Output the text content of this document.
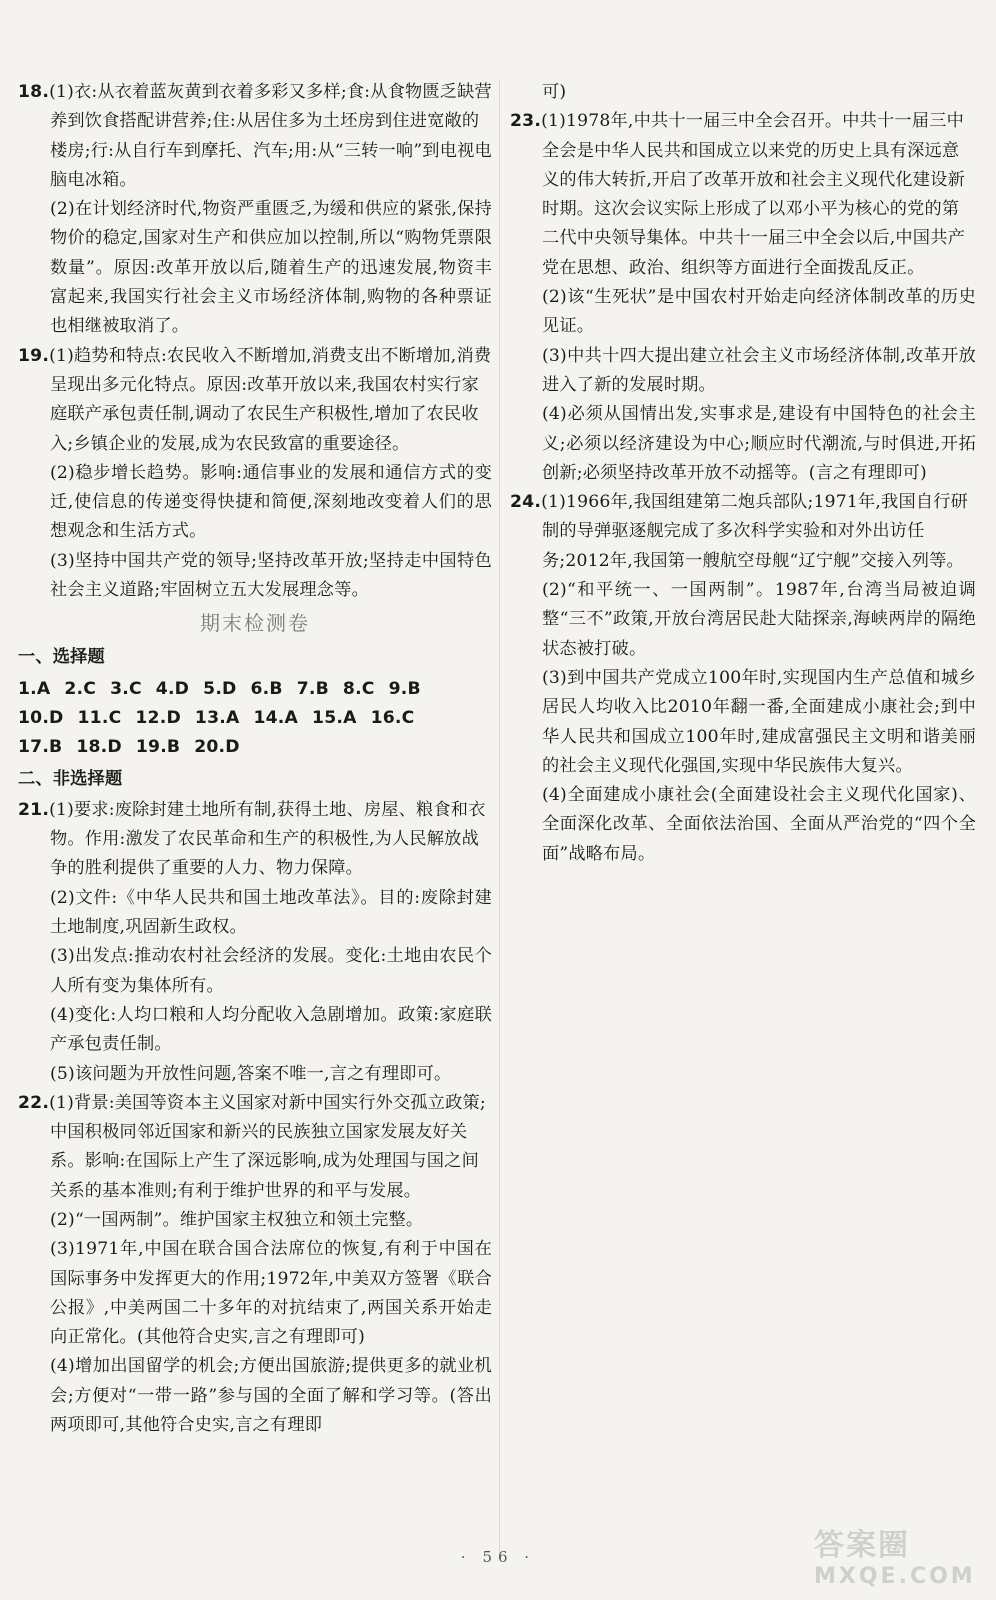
18.(1)衣:从衣着蓝灰黄到衣着多彩又多样;食:从食物匮乏缺营养到饮食搭配讲营养;住:从居住多为土坯房到住进宽敞的楼房;行:从自行车到摩托、汽车;用:从“三转一响”到电视电脑电冰箱。

(2)在计划经济时代,物资严重匮乏,为缓和供应的紧张,保持物价的稳定,国家对生产和供应加以控制,所以“购物凭票限数量”。原因:改革开放以后,随着生产的迅速发展,物资丰富起来,我国实行社会主义市场经济体制,购物的各种票证也相继被取消了。

19.(1)趋势和特点:农民收入不断增加,消费支出不断增加,消费呈现出多元化特点。原因:改革开放以来,我国农村实行家庭联产承包责任制,调动了农民生产积极性,增加了农民收入;乡镇企业的发展,成为农民致富的重要途径。

(2)稳步增长趋势。影响:通信事业的发展和通信方式的变迁,使信息的传递变得快捷和简便,深刻地改变着人们的思想观念和生活方式。

(3)坚持中国共产党的领导;坚持改革开放;坚持走中国特色社会主义道路;牢固树立五大发展理念等。

期末检测卷
一、选择题
1.A 2.C 3.C 4.D 5.D 6.B 7.B 8.C 9.B
10.D 11.C 12.D 13.A 14.A 15.A 16.C
17.B 18.D 19.B 20.D
二、非选择题
21.(1)要求:废除封建土地所有制,获得土地、房屋、粮食和衣物。作用:激发了农民革命和生产的积极性,为人民解放战争的胜利提供了重要的人力、物力保障。

(2)文件:《中华人民共和国土地改革法》。目的:废除封建土地制度,巩固新生政权。

(3)出发点:推动农村社会经济的发展。变化:土地由农民个人所有变为集体所有。

(4)变化:人均口粮和人均分配收入急剧增加。政策:家庭联产承包责任制。

(5)该问题为开放性问题,答案不唯一,言之有理即可。

22.(1)背景:美国等资本主义国家对新中国实行外交孤立政策;中国积极同邻近国家和新兴的民族独立国家发展友好关系。影响:在国际上产生了深远影响,成为处理国与国之间关系的基本准则;有利于维护世界的和平与发展。

(2)“一国两制”。维护国家主权独立和领土完整。

(3)1971年,中国在联合国合法席位的恢复,有利于中国在国际事务中发挥更大的作用;1972年,中美双方签署《联合公报》,中美两国二十多年的对抗结束了,两国关系开始走向正常化。(其他符合史实,言之有理即可)

(4)增加出国留学的机会;方便出国旅游;提供更多的就业机会;方便对“一带一路”参与国的全面了解和学习等。(答出两项即可,其他符合史实,言之有理即

可)

23.(1)1978年,中共十一届三中全会召开。中共十一届三中全会是中华人民共和国成立以来党的历史上具有深远意义的伟大转折,开启了改革开放和社会主义现代化建设新时期。这次会议实际上形成了以邓小平为核心的党的第二代中央领导集体。中共十一届三中全会以后,中国共产党在思想、政治、组织等方面进行全面拨乱反正。

(2)该“生死状”是中国农村开始走向经济体制改革的历史见证。

(3)中共十四大提出建立社会主义市场经济体制,改革开放进入了新的发展时期。

(4)必须从国情出发,实事求是,建设有中国特色的社会主义;必须以经济建设为中心;顺应时代潮流,与时俱进,开拓创新;必须坚持改革开放不动摇等。(言之有理即可)

24.(1)1966年,我国组建第二炮兵部队;1971年,我国自行研制的导弹驱逐舰完成了多次科学实验和对外出访任务;2012年,我国第一艘航空母舰“辽宁舰”交接入列等。

(2)“和平统一、一国两制”。1987年,台湾当局被迫调整“三不”政策,开放台湾居民赴大陆探亲,海峡两岸的隔绝状态被打破。

(3)到中国共产党成立100年时,实现国内生产总值和城乡居民人均收入比2010年翻一番,全面建成小康社会;到中华人民共和国成立100年时,建成富强民主文明和谐美丽的社会主义现代化强国,实现中华民族伟大复兴。

(4)全面建成小康社会(全面建设社会主义现代化国家)、全面深化改革、全面依法治国、全面从严治党的“四个全面”战略布局。

· 56 ·	答案圈
MXQE.COM
